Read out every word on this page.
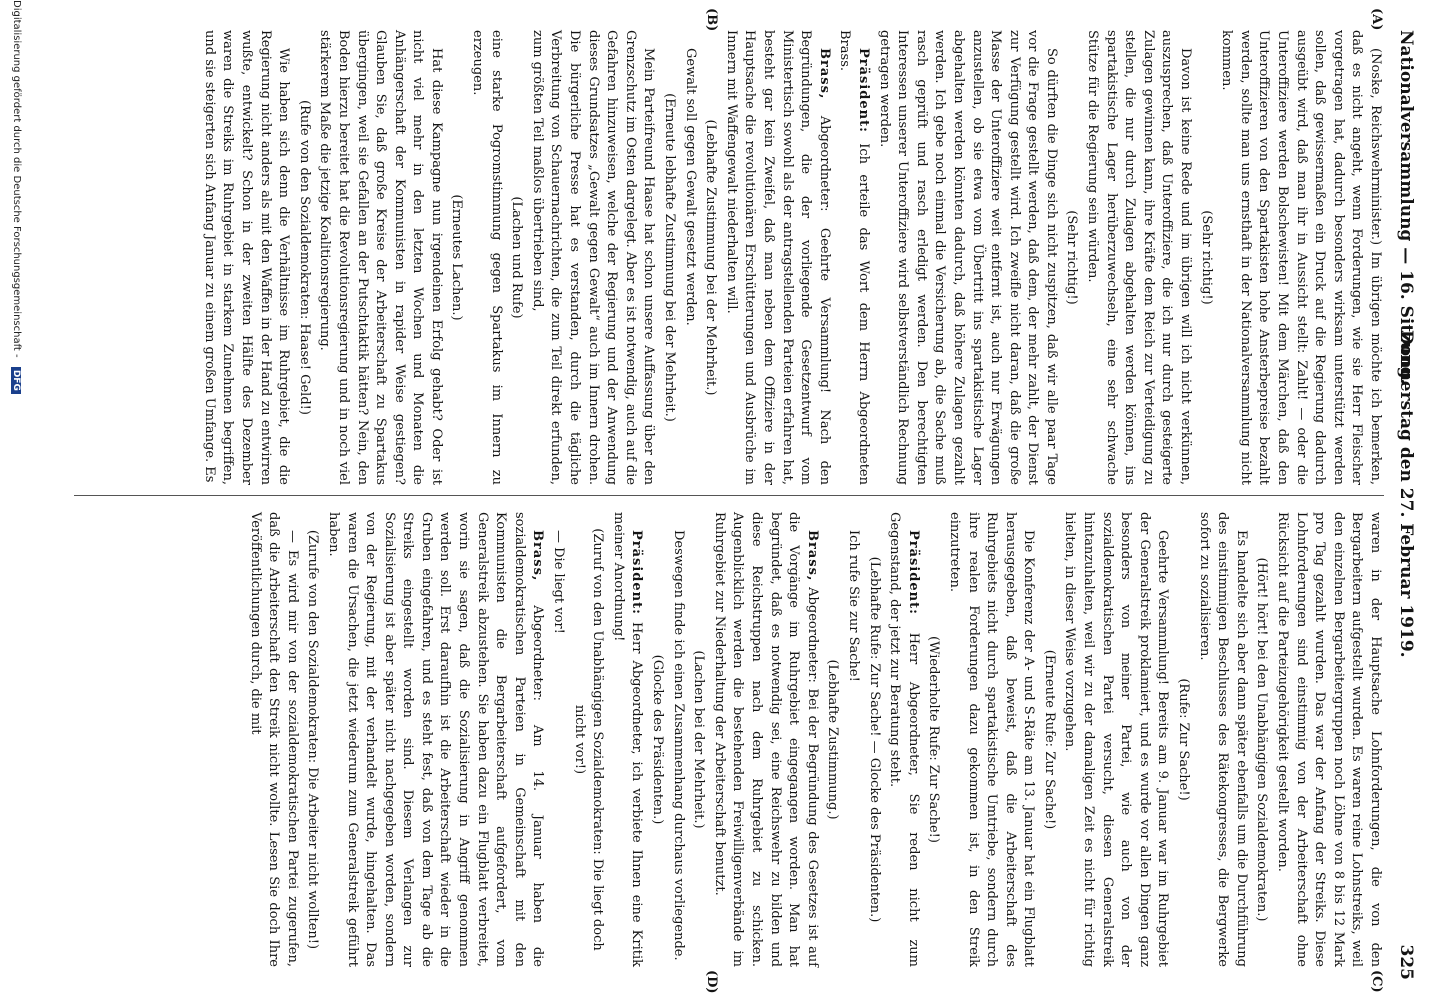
Nationalversammlung — 16. Sitzung.
Donnerstag den 27. Februar 1919.
325
(A)
(B)
(C)
(D)

(Noske, Reichswehrminister.) Im übrigen möchte ich bemerken, daß es nicht angeht, wenn Forderungen, wie sie Herr Fleischer vorgetragen hat, dadurch besonders wirksam unterstützt werden sollen, daß gewissermaßen ein Druck auf die Regierung dadurch ausgeübt wird, daß man ihr in Aussicht stellt: Zahlt! — oder die Unteroffiziere werden Bolschewisten! Mit dem Märchen, daß den Unteroffizieren von den Spartakisten hohe Ansterbepreise bezahlt werden, sollte man uns ernsthaft in der Nationalversammlung nicht kommen.

(Sehr richtig!)

Davon ist keine Rede und im übrigen will ich nicht verkünnen, auszusprechen, daß Unteroffiziere, die ich nur durch gesteigerte Zulagen gewinnen kann, ihre Kräfte dem Reich zur Verteidigung zu stellen, die nur durch Zulagen abgehalten werden können, ins spartakistische Lager herüberzuwechseln, eine sehr schwache Stütze für die Regierung sein würden.

(Sehr richtig!)

So dürften die Dinge sich nicht zuspitzen, daß wir alle paar Tage vor die Frage gestellt werden, daß dem, der mehr zahlt, der Dienst zur Verfügung gestellt wird. Ich zweifle nicht daran, daß die große Masse der Unteroffiziere weit entfernt ist, auch nur Erwägungen anzustellen, ob sie etwa vom Übertritt ins spartakistische Lager abgehalten werden könnten dadurch, daß höhere Zulagen gezahlt werden. Ich gebe noch einmal die Versicherung ab, die Sache muß rasch geprüft und rasch erledigt werden. Den berechtigten Interessen unserer Unteroffiziere wird selbstverständlich Rechnung getragen werden.

Präsident: Ich erteile das Wort dem Herrn Abgeordneten Brass.

Brass, Abgeordneter: Geehrte Versammlung! Nach den Begründungen, die der vorliegende Gesetzentwurf vom Ministertisch sowohl als der antragstellenden Parteien erfahren hat, besteht gar kein Zweifel, daß man neben dem Offiziere in der Hauptsache die revolutionären Erschütterungen und Ausbrüche im Innern mit Waffengewalt niederhalten will.

(Lebhafte Zustimmung bei der Mehrheit.)

Gewalt soll gegen Gewalt gesetzt werden.

(Erneute lebhafte Zustimmung bei der Mehrheit.)

Mein Parteifreund Haase hat schon unsere Auffassung über den Grenzschutz im Osten dargelegt. Aber es ist notwendig, auch auf die Gefahren hinzuweisen, welche der Regierung und der Anwendung dieses Grundsatzes „Gewalt gegen Gewalt“ auch im Innern drohen. Die bürgerliche Presse hat es verstanden, durch die tägliche Verbreitung von Schauernachrichten, die zum Teil direkt erfunden, zum größten Teil maßlos übertrieben sind,

(Lachen und Rufe)

eine starke Pogromstimmung gegen Spartakus im Innern zu erzeugen.

(Erneutes Lachen.)

Hat diese Kampagne nun irgendeinen Erfolg gehabt? Oder ist nicht viel mehr in den letzten Wochen und Monaten die Anhängerschaft der Kommunisten in rapider Weise gestiegen? Glauben Sie, daß große Kreise der Arbeiterschaft zu Spartakus übergingen, weil sie Gefallen an der Putschtaktik hätten? Nein, den Boden hierzu bereitet hat die Revolutionsregierung und in noch viel stärkerem Maße die jetzige Koalitionsregierung.

(Rufe von den Sozialdemokraten: Haase! Geld!)

Wie haben sich denn die Verhältnisse im Ruhrgebiet, die die Regierung nicht anders als mit den Waffen in der Hand zu entwirren wußte, entwickelt? Schon in der zweiten Hälfte des Dezember waren die Streiks im Ruhrgebiet in starkem Zunehmen begriffen, und sie steigerten sich Anfang Januar zu einem großen Umfange. Es

waren in der Hauptsache Lohnforderungen, die von den Bergarbeitern aufgestellt wurden. Es waren reine Lohnstreiks, weil den einzelnen Bergarbeitergruppen noch Löhne von 8 bis 12 Mark pro Tag gezahlt wurden. Das war der Anfang der Streiks. Diese Lohnforderungen sind einstimmig von der Arbeiterschaft ohne Rücksicht auf die Parteizugehörigkeit gestellt worden.

(Hört! hört! bei den Unabhängigen Sozialdemokraten.)

Es handelte sich aber dann später ebenfalls um die Durchführung des einstimmigen Beschlusses des Rätekongresses, die Bergwerke sofort zu sozialisieren.

(Rufe: Zur Sache!)

Geehrte Versammlung! Bereits am 9. Januar war im Ruhrgebiet der Generalstreik proklamiert, und es wurde vor allen Dingen ganz besonders von meiner Partei, wie auch von der sozialdemokratischen Partei versucht, diesen Generalstreik hintanzuhalten, weil wir zu der damaligen Zeit es nicht für richtig hielten, in dieser Weise vorzugehen.

(Erneute Rufe: Zur Sache!)

Die Konferenz der A- und S-Räte am 13. Januar hat ein Flugblatt herausgegeben, daß beweist, daß die Arbeiterschaft des Ruhrgebiets nicht durch spartakistische Umtriebe, sondern durch ihre realen Forderungen dazu gekommen ist, in den Streik einzutreten.

(Wiederholte Rufe: Zur Sache!)

Präsident: Herr Abgeordneter, Sie reden nicht zum Gegenstand, der jetzt zur Beratung steht.

(Lebhafte Rufe: Zur Sache! — Glocke des Präsidenten.)

Ich rufe Sie zur Sache!

(Lebhafte Zustimmung.)

Brass, Abgeordneter: Bei der Begründung des Gesetzes ist auf die Vorgänge im Ruhrgebiet eingegangen worden. Man hat begründet, daß es notwendig sei, eine Reichswehr zu bilden und diese Reichstruppen nach dem Ruhrgebiet zu schicken. Augenblicklich werden die bestehenden Freiwilligenverbände im Ruhrgebiet zur Niederhaltung der Arbeiterschaft benutzt.

(Lachen bei der Mehrheit.)

Deswegen finde ich einen Zusammenhang durchaus vorliegende.

(Glocke des Präsidenten.)

Präsident: Herr Abgeordneter, ich verbiete Ihnen eine Kritik meiner Anordnung!

(Zuruf von den Unabhängigen Sozialdemokraten: Die liegt doch nicht vor!)

— Die liegt vor!

Brass, Abgeordneter: Am 14. Januar haben die sozialdemokratischen Parteien in Gemeinschaft mit den Kommunisten die Bergarbeiterschaft aufgefordert, vom Generalstreik abzustehen. Sie haben dazu ein Flugblatt verbreitet, worin sie sagen, daß die Sozialisierung in Angriff genommen werden soll. Erst daraufhin ist die Arbeiterschaft wieder in die Gruben eingefahren, und es steht fest, daß von dem Tage ab die Streiks eingestellt worden sind. Diesem Verlangen zur Sozialisierung ist aber später nicht nachgegeben worden, sondern von der Regierung, mit der verhandelt wurde, hingehalten. Das waren die Ursachen, die jetzt wiederum zum Generalstreik geführt haben.

(Zurufe von den Sozialdemokraten: Die Arbeiter nicht wollten!)

— Es wird mir von der sozialdemokratischen Partei zugerufen, daß die Arbeiterschaft den Streik nicht wollte. Lesen Sie doch Ihre Veröffentlichungen durch, die mit

Digitalisierung gefördert durch die Deutsche Forschungsgemeinschaft - DFG
